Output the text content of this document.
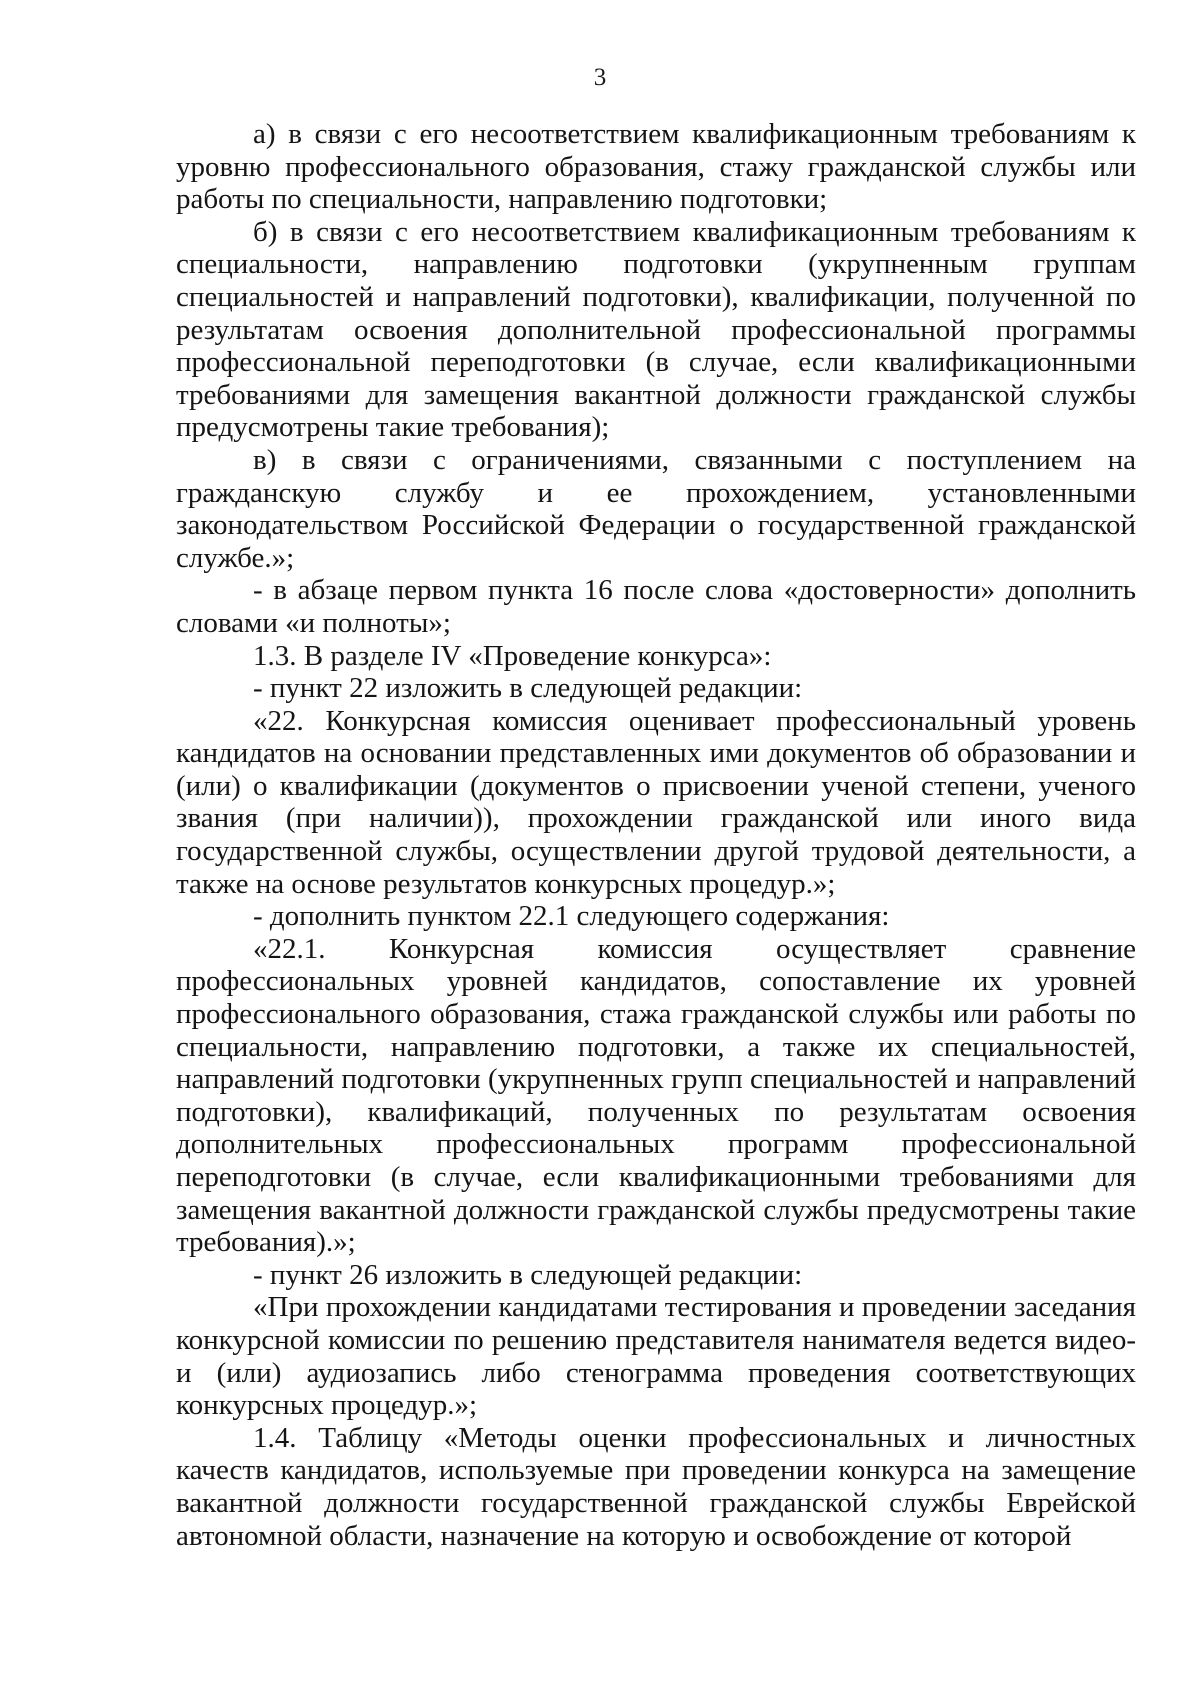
3

а) в связи с его несоответствием квалификационным требованиям к уровню профессионального образования, стажу гражданской службы или работы по специальности, направлению подготовки;

б) в связи с его несоответствием квалификационным требованиям к специальности, направлению подготовки (укрупненным группам специальностей и направлений подготовки), квалификации, полученной по результатам освоения дополнительной профессиональной программы профессиональной переподготовки (в случае, если квалификационными требованиями для замещения вакантной должности гражданской службы предусмотрены такие требования);

в) в связи с ограничениями, связанными с поступлением на гражданскую службу и ее прохождением, установленными законодательством Российской Федерации о государственной гражданской службе.»;

- в абзаце первом пункта 16 после слова «достоверности» дополнить словами «и полноты»;

1.3. В разделе IV «Проведение конкурса»:

- пункт 22 изложить в следующей редакции:

«22. Конкурсная комиссия оценивает профессиональный уровень кандидатов на основании представленных ими документов об образовании и (или) о квалификации (документов о присвоении ученой степени, ученого звания (при наличии)), прохождении гражданской или иного вида государственной службы, осуществлении другой трудовой деятельности, а также на основе результатов конкурсных процедур.»;

- дополнить пунктом 22.1 следующего содержания:

«22.1. Конкурсная комиссия осуществляет сравнение профессиональных уровней кандидатов, сопоставление их уровней профессионального образования, стажа гражданской службы или работы по специальности, направлению подготовки, а также их специальностей, направлений подготовки (укрупненных групп специальностей и направлений подготовки), квалификаций, полученных по результатам освоения дополнительных профессиональных программ профессиональной переподготовки (в случае, если квалификационными требованиями для замещения вакантной должности гражданской службы предусмотрены такие требования).»;

- пункт 26 изложить в следующей редакции:

«При прохождении кандидатами тестирования и проведении заседания конкурсной комиссии по решению представителя нанимателя ведется видео- и (или) аудиозапись либо стенограмма проведения соответствующих конкурсных процедур.»;

1.4. Таблицу «Методы оценки профессиональных и личностных качеств кандидатов, используемые при проведении конкурса на замещение вакантной должности государственной гражданской службы Еврейской автономной области, назначение на которую и освобождение от которой
